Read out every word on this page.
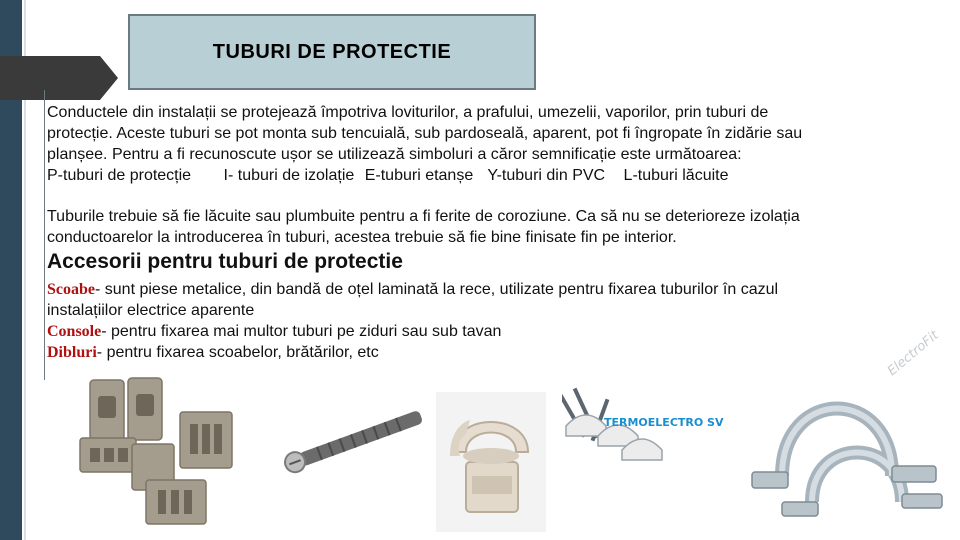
TUBURI DE PROTECTIE
Conductele din instalații se protejează împotriva loviturilor, a prafului, umezelii, vaporilor, prin tuburi de
protecție. Aceste tuburi se pot monta sub tencuială, sub pardoseală, aparent, pot fi îngropate în zidărie sau
planșee. Pentru a fi recunoscute ușor se utilizează simboluri a căror semnificație este următoarea:
P-tuburi de protecție I- tuburi de izolație E-tuburi etanșe Y-tuburi din PVC L-tuburi lăcuite
Tuburile trebuie să fie lăcuite sau plumbuite pentru a fi ferite de coroziune. Ca să nu se deterioreze izolația
conductoarelor la introducerea în tuburi, acestea trebuie să fie bine finisate fin pe interior.
Accesorii pentru tuburi de protectie
Scoabe- sunt piese metalice, din bandă de oțel laminată la rece, utilizate pentru fixarea tuburilor în cazul
instalațiilor electrice aparente
Console- pentru fixarea mai multor tuburi pe ziduri sau sub tavan
Dibluri- pentru fixarea scoabelor, brătărilor, etc
TERMOELECTRO SV
ElectroFit
